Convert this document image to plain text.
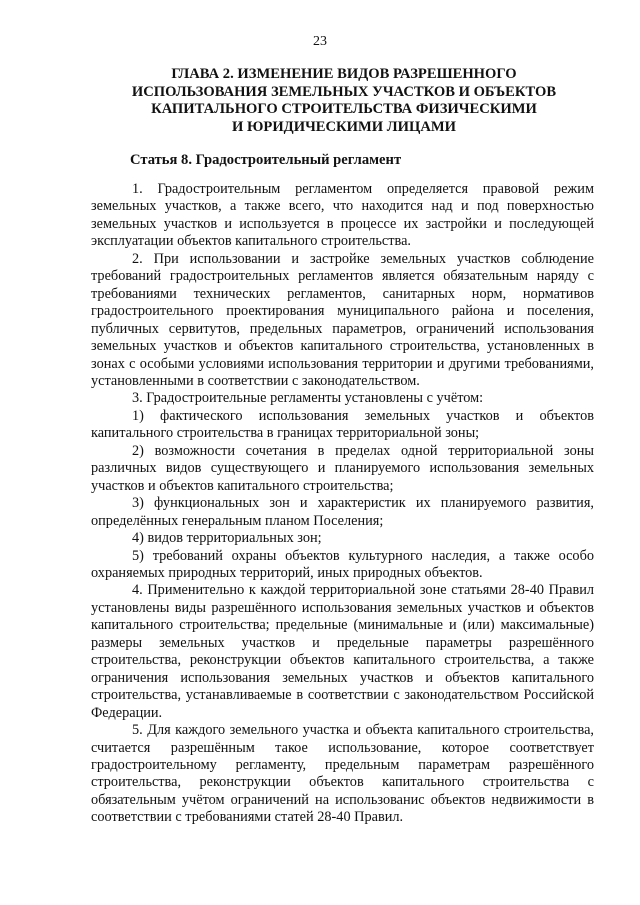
23
ГЛАВА 2. ИЗМЕНЕНИЕ ВИДОВ РАЗРЕШЕННОГО
ИСПОЛЬЗОВАНИЯ ЗЕМЕЛЬНЫХ УЧАСТКОВ И ОБЪЕКТОВ
КАПИТАЛЬНОГО СТРОИТЕЛЬСТВА ФИЗИЧЕСКИМИ
И ЮРИДИЧЕСКИМИ ЛИЦАМИ
Статья 8. Градостроительный регламент

1. Градостроительным регламентом определяется правовой режим земельных участков, а также всего, что находится над и под поверхностью земельных участков и используется в процессе их застройки и последующей эксплуатации объектов капитального строительства.

2. При использовании и застройке земельных участков соблюдение требований градостроительных регламентов является обязательным наряду с требованиями технических регламентов, санитарных норм, нормативов градостроительного проектирования муниципального района и поселения, публичных сервитутов, предельных параметров, ограничений использования земельных участков и объектов капитального строительства, установленных в зонах с особыми условиями использования территории и другими требованиями, установленными в соответствии с законодательством.

3. Градостроительные регламенты установлены с учётом:

1) фактического использования земельных участков и объектов капитального строительства в границах территориальной зоны;

2) возможности сочетания в пределах одной территориальной зоны различных видов существующего и планируемого использования земельных участков и объектов капитального строительства;

3) функциональных зон и характеристик их планируемого развития, определённых генеральным планом Поселения;

4) видов территориальных зон;

5) требований охраны объектов культурного наследия, а также особо охраняемых природных территорий, иных природных объектов.

4. Применительно к каждой территориальной зоне статьями 28-40 Правил установлены виды разрешённого использования земельных участков и объектов капитального строительства; предельные (минимальные и (или) максимальные) размеры земельных участков и предельные параметры разрешённого строительства, реконструкции объектов капитального строительства, а также ограничения использования земельных участков и объектов капитального строительства, устанавливаемые в соответствии с законодательством Российской Федерации.

5. Для каждого земельного участка и объекта капитального строительства, считается разрешённым такое использование, которое соответствует градостроительному регламенту, предельным параметрам разрешённого строительства, реконструкции объектов капитального строительства с обязательным учётом ограничений на использованис объектов недвижимости в соответствии с требованиями статей 28-40 Правил.
